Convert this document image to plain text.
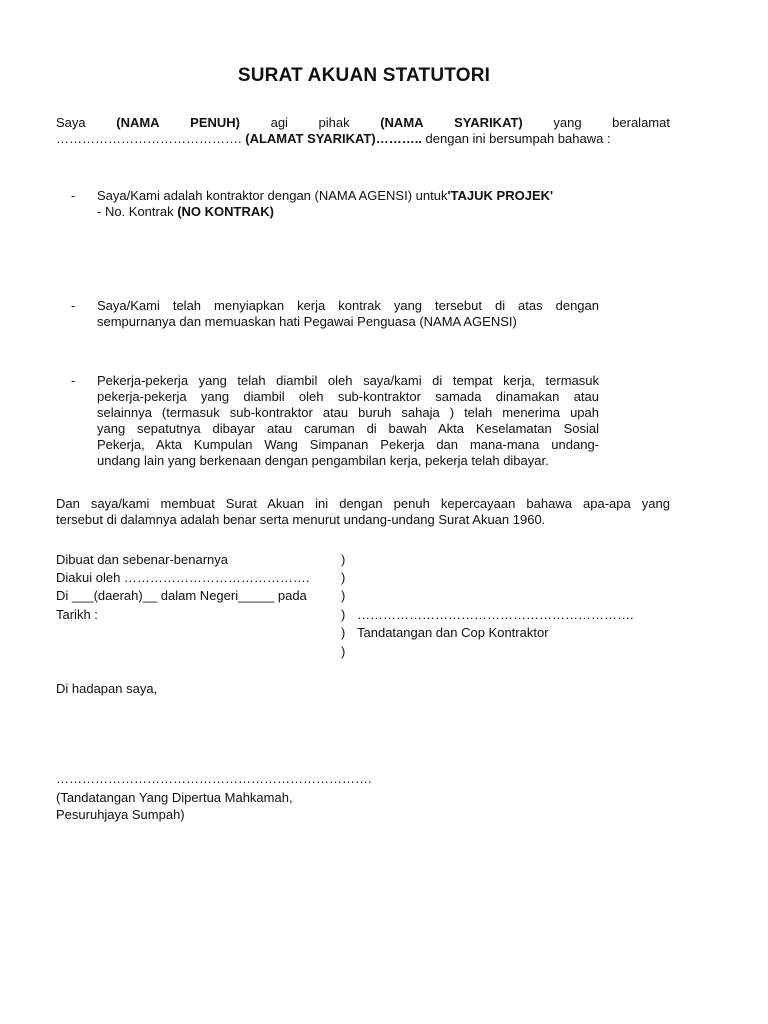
SURAT AKUAN STATUTORI
Saya (NAMA PENUH) agi pihak (NAMA SYARIKAT) yang beralamat
……………………………………. (ALAMAT SYARIKAT)……….. dengan ini bersumpah bahawa :
- Saya/Kami adalah kontraktor dengan (NAMA AGENSI) untuk'TAJUK PROJEK'
- No. Kontrak (NO KONTRAK)
- Saya/Kami telah menyiapkan kerja kontrak yang tersebut di atas dengan
sempurnanya dan memuaskan hati Pegawai Penguasa (NAMA AGENSI)
- Pekerja-pekerja yang telah diambil oleh saya/kami di tempat kerja, termasuk
pekerja-pekerja yang diambil oleh sub-kontraktor samada dinamakan atau
selainnya (termasuk sub-kontraktor atau buruh sahaja ) telah menerima upah
yang sepatutnya dibayar atau caruman di bawah Akta Keselamatan Sosial
Pekerja, Akta Kumpulan Wang Simpanan Pekerja dan mana-mana undang-
undang lain yang berkenaan dengan pengambilan kerja, pekerja telah dibayar.
Dan saya/kami membuat Surat Akuan ini dengan penuh kepercayaan bahawa apa-apa yang
tersebut di dalamnya adalah benar serta menurut undang-undang Surat Akuan 1960.
Dibuat dan sebenar-benarnya	)
Diakui oleh …………………………………….	)
Di ___(daerah)__ dalam Negeri_____ pada	)
Tarikh :	) ……………………………………………………….
) Tandatangan dan Cop Kontraktor
)
Di hadapan saya,
……………………………………………………………….
(Tandatangan Yang Dipertua Mahkamah,
Pesuruhjaya Sumpah)
